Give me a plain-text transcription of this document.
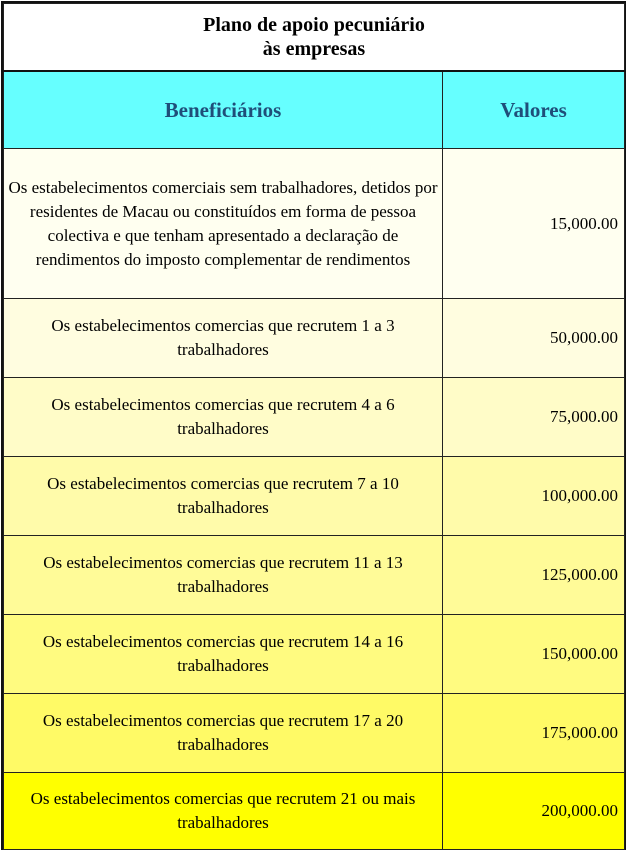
Plano de apoio pecuniário
às empresas	

Beneficiários	Valores
Os estabelecimentos comerciais sem trabalhadores, detidos por residentes de Macau ou constituídos em forma de pessoa colectiva e que tenham apresentado a declaração de rendimentos do imposto complementar de rendimentos	15,000.00
Os estabelecimentos comercias que recrutem 1 a 3 trabalhadores	50,000.00
Os estabelecimentos comercias que recrutem 4 a 6 trabalhadores	75,000.00
Os estabelecimentos comercias que recrutem 7 a 10 trabalhadores	100,000.00
Os estabelecimentos comercias que recrutem 11 a 13 trabalhadores	125,000.00
Os estabelecimentos comercias que recrutem 14 a 16 trabalhadores	150,000.00
Os estabelecimentos comercias que recrutem 17 a 20 trabalhadores	175,000.00
Os estabelecimentos comercias que recrutem 21 ou mais trabalhadores	200,000.00
